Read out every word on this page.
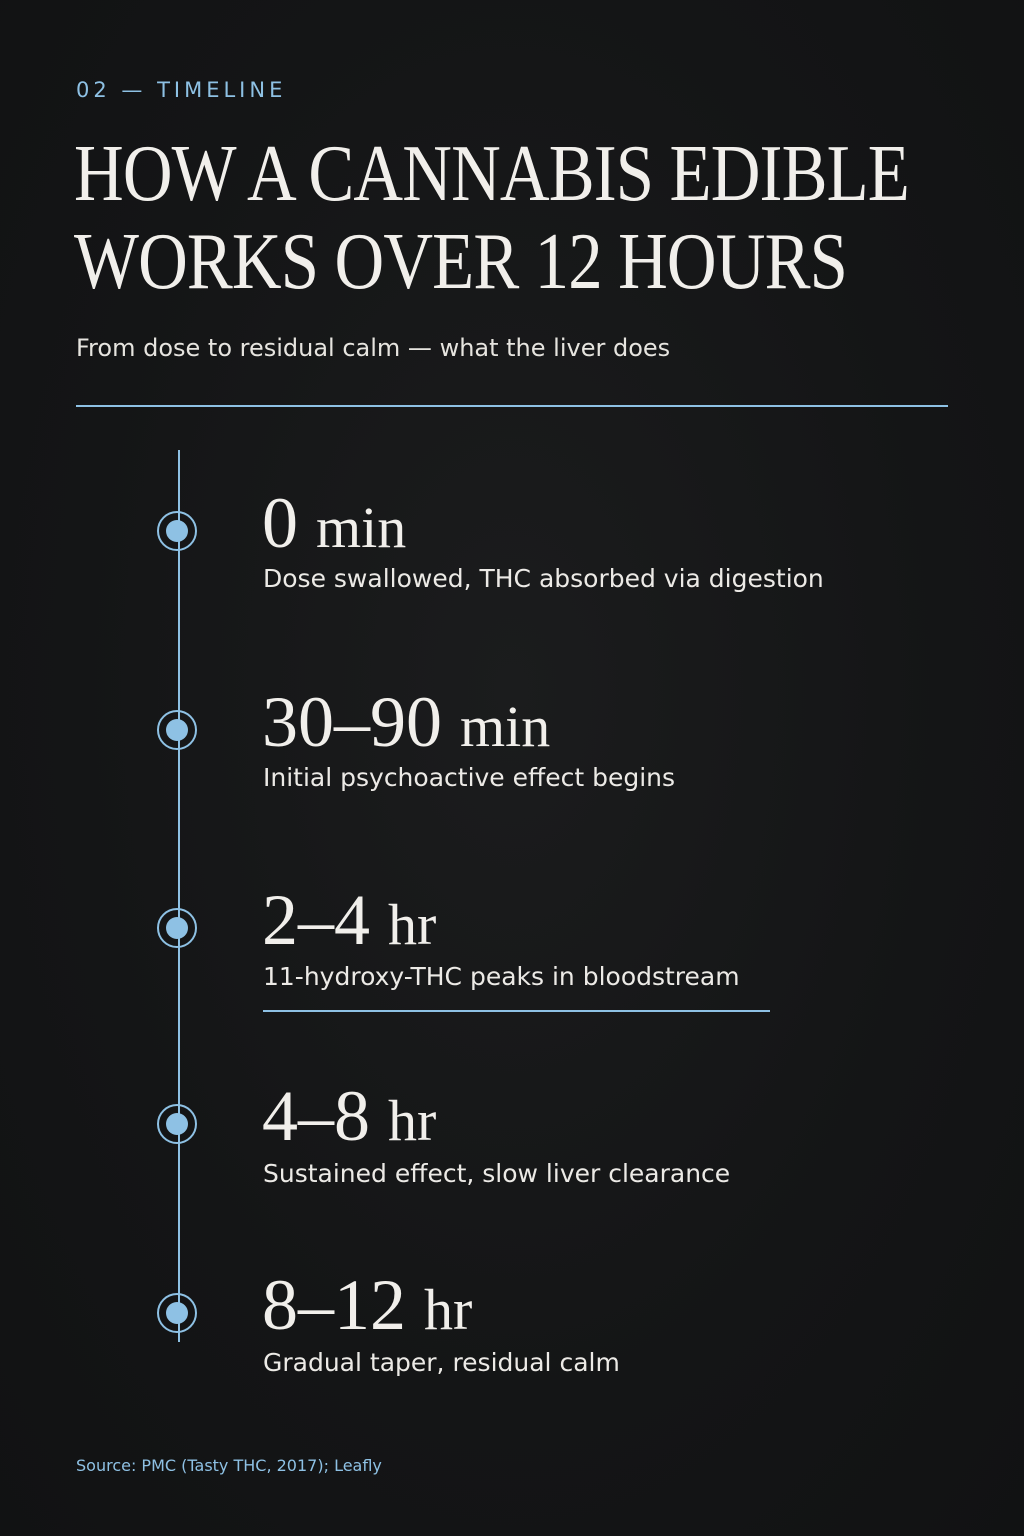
02 — TIMELINE
HOW A CANNABIS EDIBLE
WORKS OVER 12 HOURS
From dose to residual calm — what the liver does
0 min
Dose swallowed, THC absorbed via digestion
30–90 min
Initial psychoactive effect begins
2–4 hr
11-hydroxy-THC peaks in bloodstream
4–8 hr
Sustained effect, slow liver clearance
8–12 hr
Gradual taper, residual calm
Source: PMC (Tasty THC, 2017); Leafly
